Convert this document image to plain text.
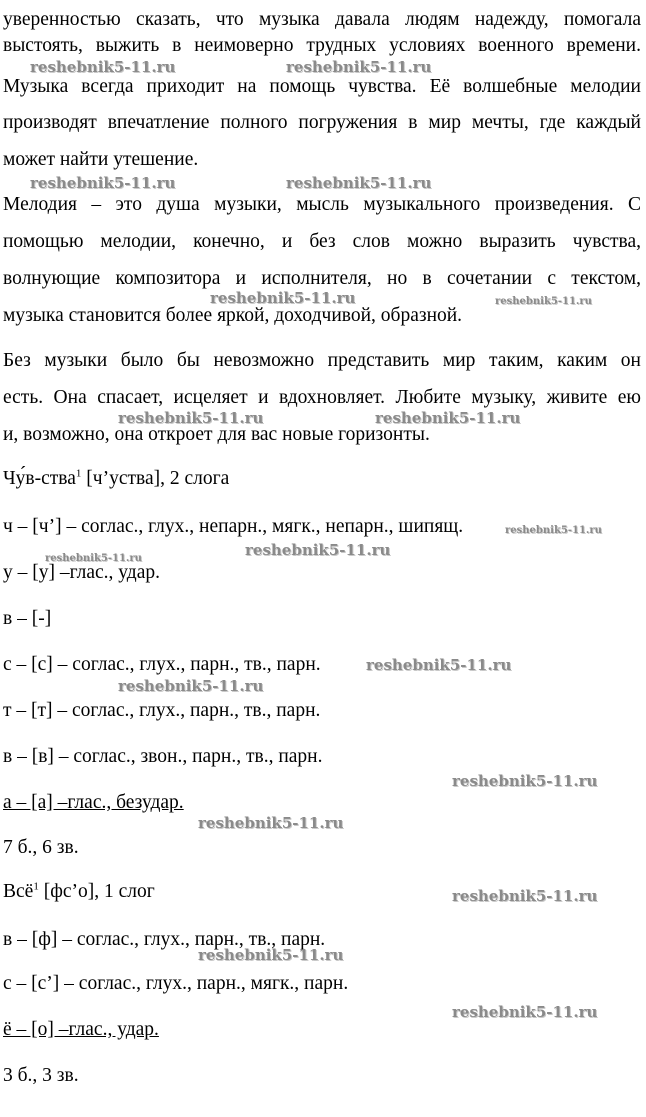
уверенностью сказать, что музыка давала людям надежду, помогала
выстоять, выжить в неимоверно трудных условиях военного времени.
Музыка всегда приходит на помощь чувства. Её волшебные мелодии
производят впечатление полного погружения в мир мечты, где каждый
может найти утешение.
Мелодия – это душа музыки, мысль музыкального произведения. С
помощью мелодии, конечно, и без слов можно выразить чувства,
волнующие композитора и исполнителя, но в сочетании с текстом,
музыка становится более яркой, доходчивой, образной.
Без музыки было бы невозможно представить мир таким, каким он
есть. Она спасает, исцеляет и вдохновляет. Любите музыку, живите ею
и, возможно, она откроет для вас новые горизонты.
Чу́в-ства$^1$ [ч’уства], 2 слога
ч – [ч’] – соглас., глух., непарн., мягк., непарн., шипящ.
у – [у] –глас., удар.
в – [-]
с – [с] – соглас., глух., парн., тв., парн.
т – [т] – соглас., глух., парн., тв., парн.
в – [в] – соглас., звон., парн., тв., парн.
а – [а] –глас., безудар.
7 б., 6 зв.
Всё$^1$ [фс’о], 1 слог
в – [ф] – соглас., глух., парн., тв., парн.
с – [с’] – соглас., глух., парн., мягк., парн.
ё – [о] –глас., удар.
3 б., 3 зв.
reshebnik5-11.ru	reshebnik5-11.ru
reshebnik5-11.ru	reshebnik5-11.ru
reshebnik5-11.ru	reshebnik5-11.ru
reshebnik5-11.ru	reshebnik5-11.ru
reshebnik5-11.ru
reshebnik5-11.ru
reshebnik5-11.ru
reshebnik5-11.ru
reshebnik5-11.ru
reshebnik5-11.ru
reshebnik5-11.ru
reshebnik5-11.ru
reshebnik5-11.ru
reshebnik5-11.ru
